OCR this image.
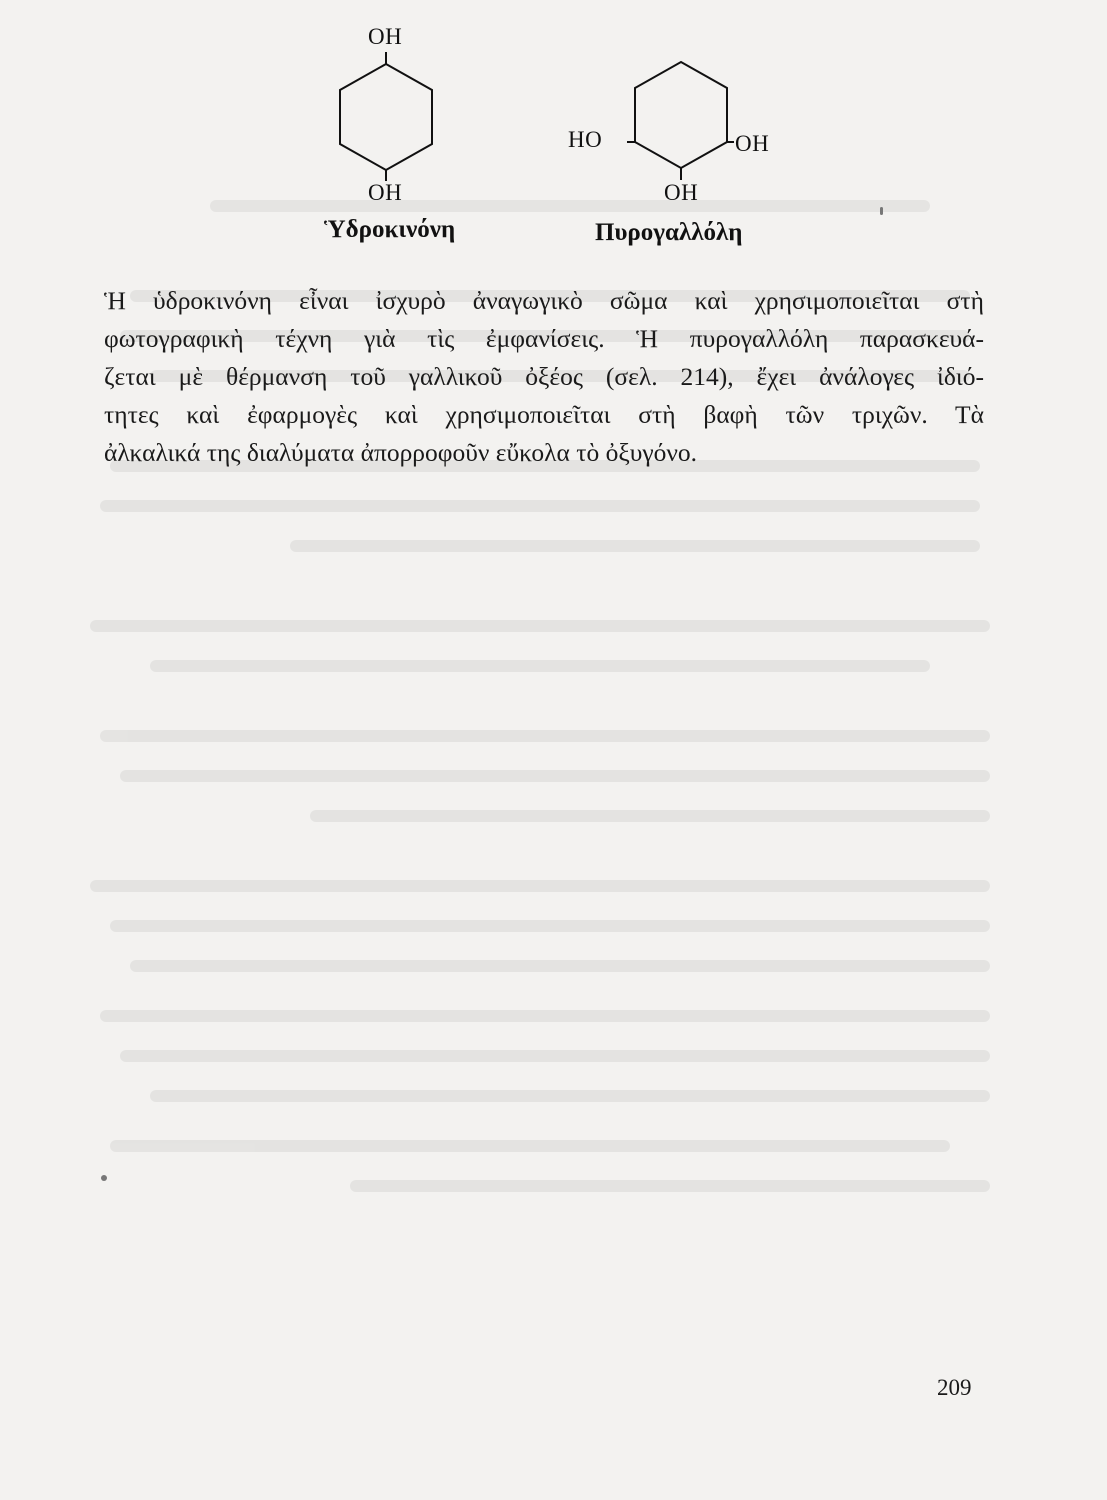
OH
OH
HO	OH
OH
Ὑδροκινόνη	Πυρογαλλόλη

Ἡ ὑδροκινόνη εἶναι ἰσχυρὸ ἀναγωγικὸ σῶμα καὶ χρησιμοποιεῖται στὴ
φωτογραφικὴ τέχνη γιὰ τὶς ἐμφανίσεις. Ἡ πυρογαλλόλη παρασκευά-
ζεται μὲ θέρμανση τοῦ γαλλικοῦ ὀξέος (σελ. 214), ἔχει ἀνάλογες ἰδιό-
τητες καὶ ἐφαρμογὲς καὶ χρησιμοποιεῖται στὴ βαφὴ τῶν τριχῶν. Τὰ
ἀλκαλικά της διαλύματα ἀπορροφοῦν εὔκολα τὸ ὀξυγόνο.

209
